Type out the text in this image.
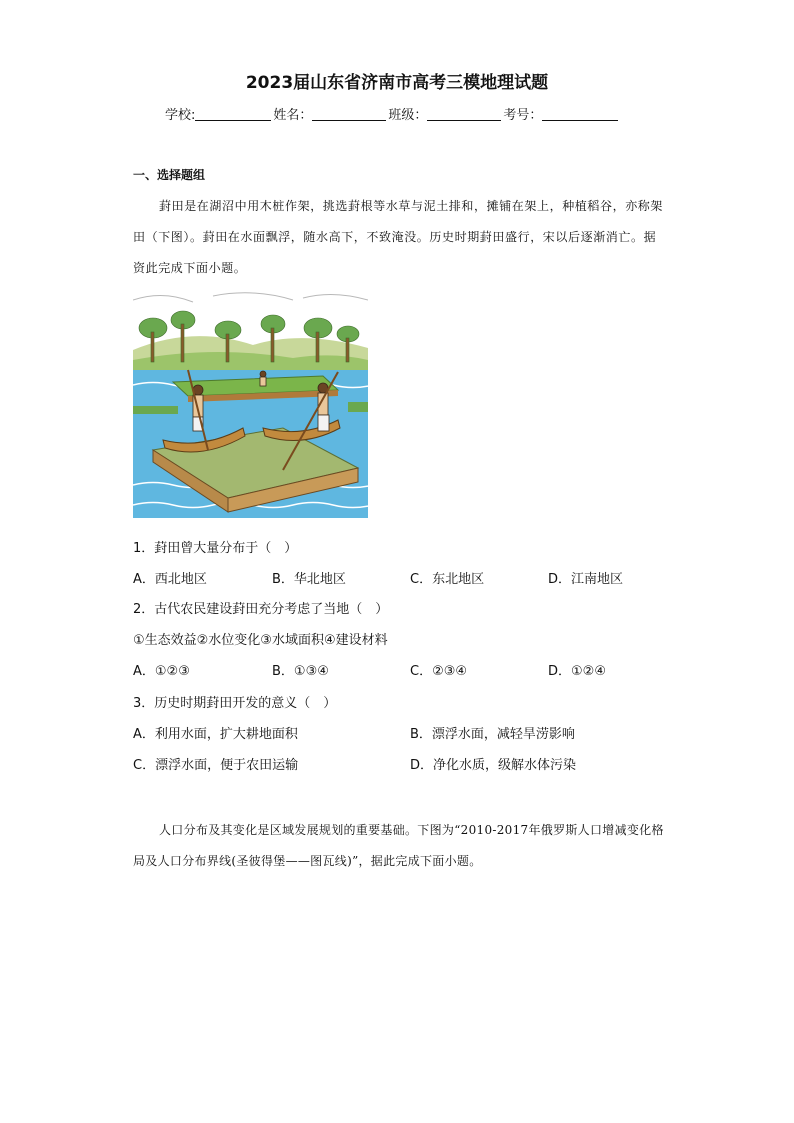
2023届山东省济南市高考三模地理试题
学校:	姓名：	班级：	考号：
一、选择题组
葑田是在湖沼中用木桩作架，挑选葑根等水草与泥土排和，摊铺在架上，种植稻谷，亦称架田（下图）。葑田在水面飘浮，随水高下，不致淹没。历史时期葑田盛行，宋以后逐渐消亡。据资此完成下面小题。
1．葑田曾大量分布于（　）
A．西北地区	B．华北地区	C．东北地区	D．江南地区
2．古代农民建设葑田充分考虑了当地（　）
①生态效益②水位变化③水域面积④建设材料
A．①②③	B．①③④	C．②③④	D．①②④
3．历史时期葑田开发的意义（　）
A．利用水面，扩大耕地面积	B．漂浮水面，减轻旱涝影响
C．漂浮水面，便于农田运输	D．净化水质，级解水体污染
人口分布及其变化是区域发展规划的重要基础。下图为“2010-2017年俄罗斯人口增减变化格局及人口分布界线(圣彼得堡——图瓦线)”，据此完成下面小题。
